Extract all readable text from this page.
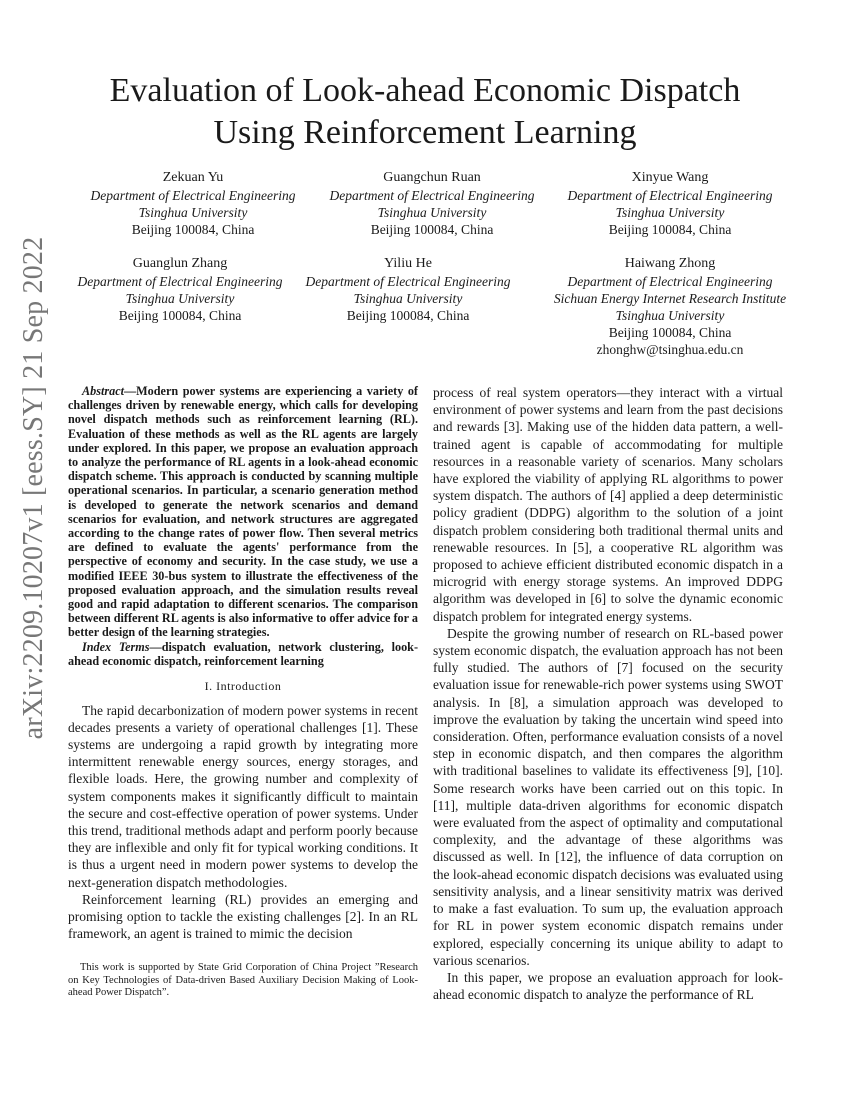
arXiv:2209.10207v1 [eess.SY] 21 Sep 2022
Evaluation of Look-ahead Economic Dispatch
Using Reinforcement Learning
Zekuan Yu
Department of Electrical Engineering
Tsinghua University
Beijing 100084, China
Guangchun Ruan
Department of Electrical Engineering
Tsinghua University
Beijing 100084, China
Xinyue Wang
Department of Electrical Engineering
Tsinghua University
Beijing 100084, China
Guanglun Zhang
Department of Electrical Engineering
Tsinghua University
Beijing 100084, China
Yiliu He
Department of Electrical Engineering
Tsinghua University
Beijing 100084, China
Haiwang Zhong
Department of Electrical Engineering
Sichuan Energy Internet Research Institute
Tsinghua University
Beijing 100084, China
zhonghw@tsinghua.edu.cn

Abstract—Modern power systems are experiencing a variety of challenges driven by renewable energy, which calls for developing novel dispatch methods such as reinforcement learning (RL). Evaluation of these methods as well as the RL agents are largely under explored. In this paper, we propose an evaluation approach to analyze the performance of RL agents in a look-ahead economic dispatch scheme. This approach is conducted by scanning multiple operational scenarios. In particular, a scenario generation method is developed to generate the network scenarios and demand scenarios for evaluation, and network structures are aggregated according to the change rates of power flow. Then several metrics are defined to evaluate the agents' performance from the perspective of economy and security. In the case study, we use a modified IEEE 30-bus system to illustrate the effectiveness of the proposed evaluation approach, and the simulation results reveal good and rapid adaptation to different scenarios. The comparison between different RL agents is also informative to offer advice for a better design of the learning strategies.

Index Terms—dispatch evaluation, network clustering, look-ahead economic dispatch, reinforcement learning

I. Introduction

The rapid decarbonization of modern power systems in recent decades presents a variety of operational challenges [1]. These systems are undergoing a rapid growth by integrating more intermittent renewable energy sources, energy storages, and flexible loads. Here, the growing number and complexity of system components makes it significantly difficult to maintain the secure and cost-effective operation of power systems. Under this trend, traditional methods adapt and perform poorly because they are inflexible and only fit for typical working conditions. It is thus a urgent need in modern power systems to develop the next-generation dispatch methodologies.

Reinforcement learning (RL) provides an emerging and promising option to tackle the existing challenges [2]. In an RL framework, an agent is trained to mimic the decision

This work is supported by State Grid Corporation of China Project ”Research on Key Technologies of Data-driven Based Auxiliary Decision Making of Look-ahead Power Dispatch”.

process of real system operators—they interact with a virtual environment of power systems and learn from the past decisions and rewards [3]. Making use of the hidden data pattern, a well-trained agent is capable of accommodating for multiple resources in a reasonable variety of scenarios. Many scholars have explored the viability of applying RL algorithms to power system dispatch. The authors of [4] applied a deep deterministic policy gradient (DDPG) algorithm to the solution of a joint dispatch problem considering both traditional thermal units and renewable resources. In [5], a cooperative RL algorithm was proposed to achieve efficient distributed economic dispatch in a microgrid with energy storage systems. An improved DDPG algorithm was developed in [6] to solve the dynamic economic dispatch problem for integrated energy systems.

Despite the growing number of research on RL-based power system economic dispatch, the evaluation approach has not been fully studied. The authors of [7] focused on the security evaluation issue for renewable-rich power systems using SWOT analysis. In [8], a simulation approach was developed to improve the evaluation by taking the uncertain wind speed into consideration. Often, performance evaluation consists of a novel step in economic dispatch, and then compares the algorithm with traditional baselines to validate its effectiveness [9], [10]. Some research works have been carried out on this topic. In [11], multiple data-driven algorithms for economic dispatch were evaluated from the aspect of optimality and computational complexity, and the advantage of these algorithms was discussed as well. In [12], the influence of data corruption on the look-ahead economic dispatch decisions was evaluated using sensitivity analysis, and a linear sensitivity matrix was derived to make a fast evaluation. To sum up, the evaluation approach for RL in power system economic dispatch remains under explored, especially concerning its unique ability to adapt to various scenarios.

In this paper, we propose an evaluation approach for look-ahead economic dispatch to analyze the performance of RL
